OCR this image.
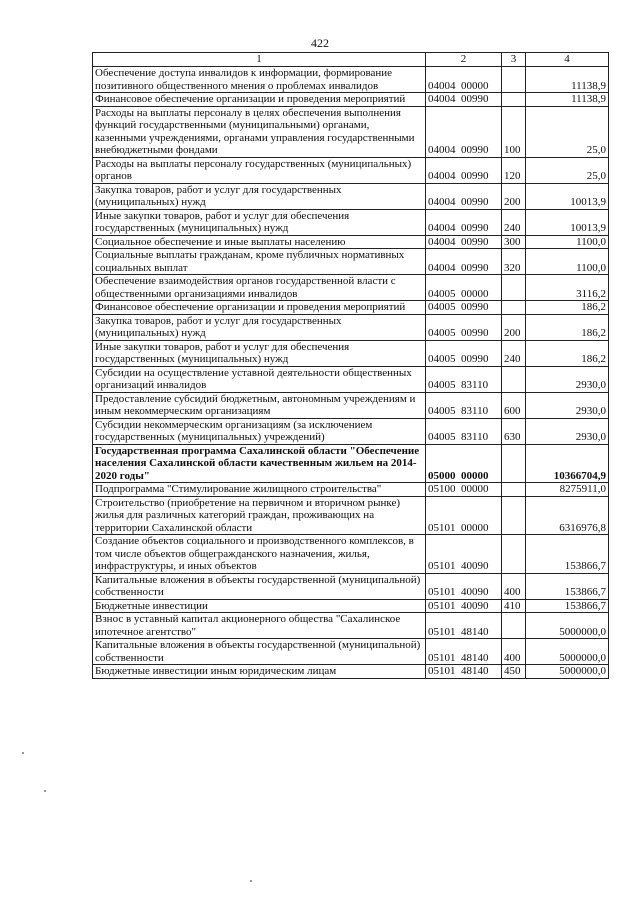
422
1	2	3	4
Обеспечение доступа инвалидов к информации, формирование позитивного общественного мнения о проблемах инвалидов	04004  00000		11138,9
Финансовое обеспечение организации и проведения мероприятий	04004  00990		11138,9
Расходы на выплаты персоналу в целях обеспечения выполнения функций государственными (муниципальными) органами, казенными учреждениями, органами управления государственными внебюджетными фондами	04004  00990	100	25,0
Расходы на выплаты персоналу государственных (муниципальных) органов	04004  00990	120	25,0
Закупка товаров, работ и услуг для государственных (муниципальных) нужд	04004  00990	200	10013,9
Иные закупки товаров, работ и услуг для обеспечения государственных (муниципальных) нужд	04004  00990	240	10013,9
Социальное обеспечение и иные выплаты населению	04004  00990	300	1100,0
Социальные выплаты гражданам, кроме публичных нормативных социальных выплат	04004  00990	320	1100,0
Обеспечение взаимодействия органов государственной власти с общественными организациями инвалидов	04005  00000		3116,2
Финансовое обеспечение организации и проведения мероприятий	04005  00990		186,2
Закупка товаров, работ и услуг для государственных (муниципальных) нужд	04005  00990	200	186,2
Иные закупки товаров, работ и услуг для обеспечения государственных (муниципальных) нужд	04005  00990	240	186,2
Субсидии на осуществление уставной деятельности общественных организаций инвалидов	04005  83110		2930,0
Предоставление субсидий бюджетным, автономным учреждениям и иным некоммерческим организациям	04005  83110	600	2930,0
Субсидии некоммерческим организациям (за исключением государственных (муниципальных) учреждений)	04005  83110	630	2930,0
Государственная программа Сахалинской области "Обеспечение населения Сахалинской области качественным жильем на 2014-2020 годы"	05000  00000		10366704,9
Подпрограмма "Стимулирование жилищного строительства"	05100  00000		8275911,0
Строительство (приобретение на первичном и вторичном рынке) жилья для различных категорий граждан, проживающих на территории Сахалинской области	05101  00000		6316976,8
Создание объектов социального и производственного комплексов, в том числе объектов общегражданского назначения, жилья, инфраструктуры, и иных объектов	05101  40090		153866,7
Капитальные вложения в объекты государственной (муниципальной) собственности	05101  40090	400	153866,7
Бюджетные инвестиции	05101  40090	410	153866,7
Взнос в уставный капитал акционерного общества "Сахалинское ипотечное агентство"	05101  48140		5000000,0
Капитальные вложения в объекты государственной (муниципальной) собственности	05101  48140	400	5000000,0
Бюджетные инвестиции иным юридическим лицам	05101  48140	450	5000000,0
